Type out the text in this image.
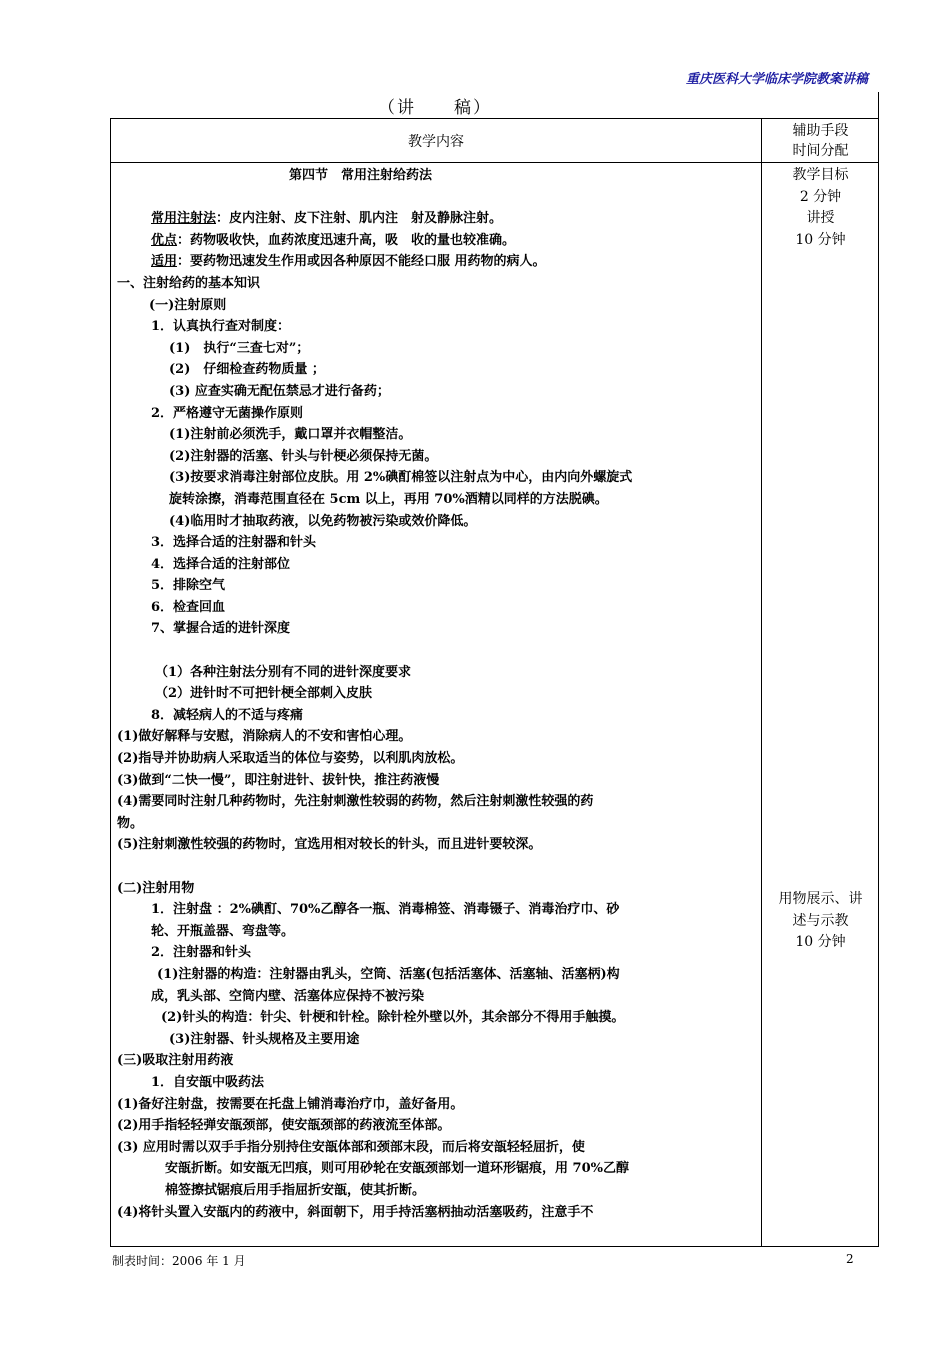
重庆医科大学临床学院教案讲稿
（讲　　稿）
教学内容
辅助手段
时间分配
教学目标
2 分钟
讲授
10 分钟
用物展示、讲
述与示教
10 分钟
第四节　常用注射给药法
常用注射法：皮内注射、皮下注射、肌内注　射及静脉注射。
优点：药物吸收快，血药浓度迅速升高，吸　收的量也较准确。
适用：要药物迅速发生作用或因各种原因不能经口服 用药物的病人。
一、注射给药的基本知识
(一)注射原则
1．认真执行查对制度：
(1)　执行“三查七对”；
(2)　仔细检查药物质量 ；
(3) 应查实确无配伍禁忌才进行备药；
2．严格遵守无菌操作原则
(1)注射前必须洗手，戴口罩并衣帽整洁。
(2)注射器的活塞、针头与针梗必须保持无菌。
(3)按要求消毒注射部位皮肤。用 2%碘酊棉签以注射点为中心，由内向外螺旋式
旋转涂擦，消毒范围直径在 5cm 以上，再用 70%酒精以同样的方法脱碘。
(4)临用时才抽取药液，以免药物被污染或效价降低。
3．选择合适的注射器和针头
4．选择合适的注射部位
5．排除空气
6．检查回血
7、掌握合适的进针深度
（1）各种注射法分别有不同的进针深度要求
（2）进针时不可把针梗全部刺入皮肤
8．减轻病人的不适与疼痛
(1)做好解释与安慰，消除病人的不安和害怕心理。
(2)指导并协助病人采取适当的体位与姿势，以利肌肉放松。
(3)做到“二快一慢”，即注射进针、拔针快，推注药液慢
(4)需要同时注射几种药物时，先注射刺激性较弱的药物，然后注射刺激性较强的药
物。
(5)注射刺激性较强的药物时，宜选用相对较长的针头，而且进针要较深。
(二)注射用物
1．注射盘 ：2%碘酊、70%乙醇各一瓶、消毒棉签、消毒镊子、消毒治疗巾、砂
轮、开瓶盖器、弯盘等。
2．注射器和针头
(1)注射器的构造：注射器由乳头，空筒、活塞(包括活塞体、活塞轴、活塞柄)构
成，乳头部、空筒内壁、活塞体应保持不被污染
(2)针头的构造：针尖、针梗和针栓。除针栓外壁以外，其余部分不得用手触摸。
(3)注射器、针头规格及主要用途
(三)吸取注射用药液
1．自安瓿中吸药法
(1)备好注射盘，按需要在托盘上铺消毒治疗巾，盖好备用。
(2)用手指轻轻弹安瓿颈部，使安瓿颈部的药液流至体部。
(3) 应用时需以双手手指分别持住安瓿体部和颈部末段，而后将安瓿轻轻屈折，使
安瓿折断。如安瓿无凹痕，则可用砂轮在安瓿颈部划一道环形锯痕，用 70%乙醇
棉签擦拭锯痕后用手指屈折安瓿，使其折断。
(4)将针头置入安瓿内的药液中，斜面朝下，用手持活塞柄抽动活塞吸药，注意手不
制表时间：2006 年 1 月	2
